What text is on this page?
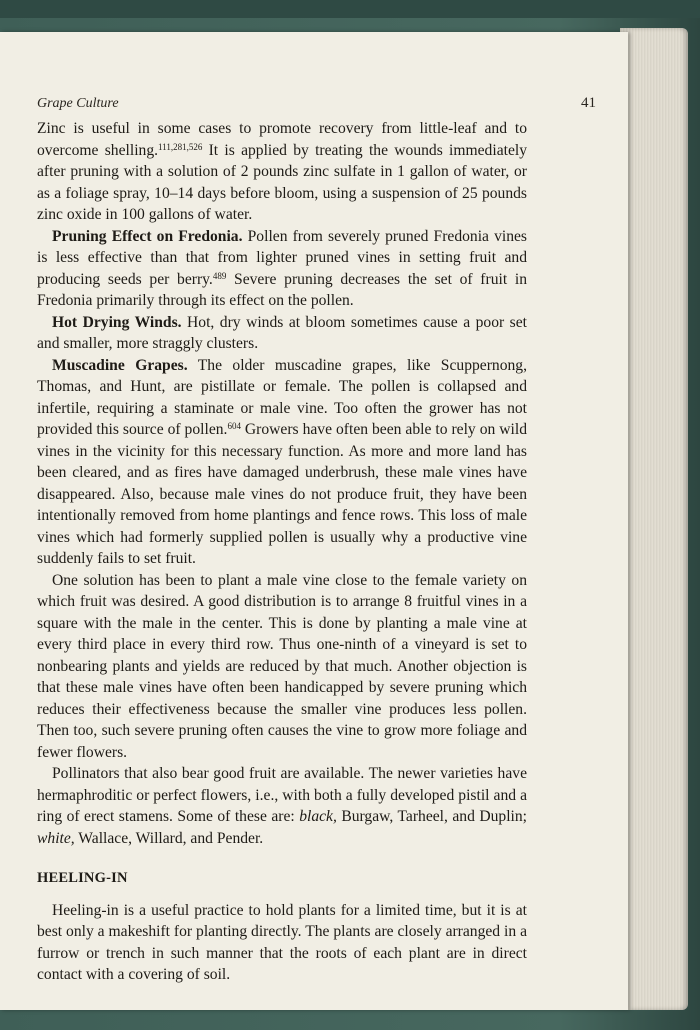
Grape Culture	41

Zinc is useful in some cases to promote recovery from little-leaf and to overcome shelling.$^{111,281,526}$ It is applied by treating the wounds immediately after pruning with a solution of 2 pounds zinc sulfate in 1 gallon of water, or as a foliage spray, 10–14 days before bloom, using a suspension of 25 pounds zinc oxide in 100 gallons of water.

Pruning Effect on Fredonia. Pollen from severely pruned Fredonia vines is less effective than that from lighter pruned vines in setting fruit and producing seeds per berry.$^{489}$ Severe pruning decreases the set of fruit in Fredonia primarily through its effect on the pollen.

Hot Drying Winds. Hot, dry winds at bloom sometimes cause a poor set and smaller, more straggly clusters.

Muscadine Grapes. The older muscadine grapes, like Scuppernong, Thomas, and Hunt, are pistillate or female. The pollen is collapsed and infertile, requiring a staminate or male vine. Too often the grower has not provided this source of pollen.$^{604}$ Growers have often been able to rely on wild vines in the vicinity for this necessary function. As more and more land has been cleared, and as fires have damaged underbrush, these male vines have disappeared. Also, because male vines do not produce fruit, they have been intentionally removed from home plantings and fence rows. This loss of male vines which had formerly supplied pollen is usually why a productive vine suddenly fails to set fruit.

One solution has been to plant a male vine close to the female variety on which fruit was desired. A good distribution is to arrange 8 fruitful vines in a square with the male in the center. This is done by planting a male vine at every third place in every third row. Thus one-ninth of a vineyard is set to nonbearing plants and yields are reduced by that much. Another objection is that these male vines have often been handicapped by severe pruning which reduces their effectiveness because the smaller vine produces less pollen. Then too, such severe pruning often causes the vine to grow more foliage and fewer flowers.

Pollinators that also bear good fruit are available. The newer varieties have hermaphroditic or perfect flowers, i.e., with both a fully developed pistil and a ring of erect stamens. Some of these are: black, Burgaw, Tarheel, and Duplin; white, Wallace, Willard, and Pender.

HEELING-IN

Heeling-in is a useful practice to hold plants for a limited time, but it is at best only a makeshift for planting directly. The plants are closely arranged in a furrow or trench in such manner that the roots of each plant are in direct contact with a covering of soil.
